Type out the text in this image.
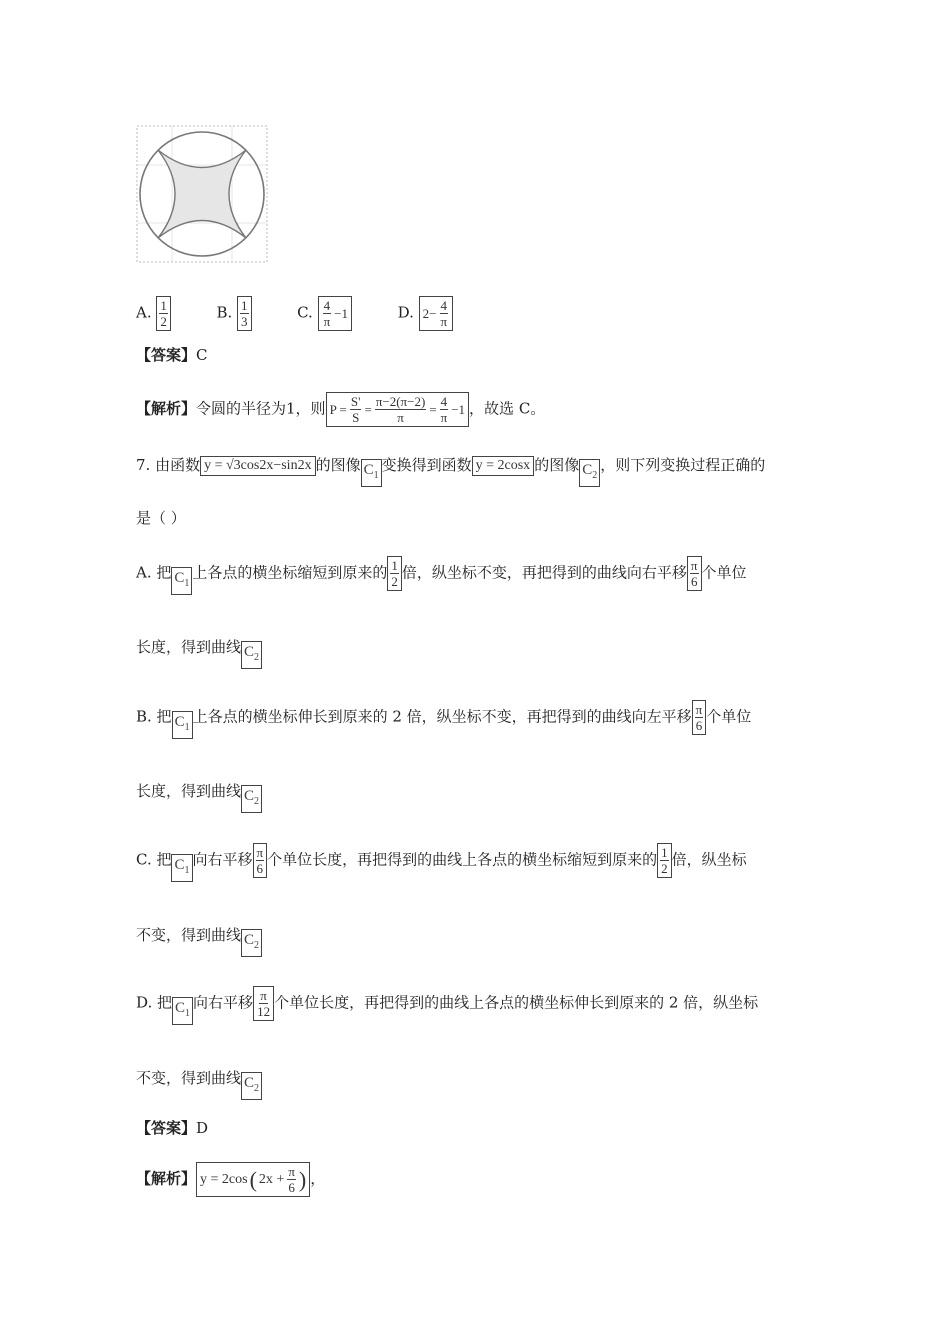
A. $\frac{1}{2}$	B. $\frac{1}{3}$	C. $\frac{4}{\pi} -1$	D. $2- \frac{4}{\pi}$
【答案】C
【解析】令圆的半径为1，则 $P = \frac{S'}{S} = \frac{\pi-2(\pi-2)}{\pi} = \frac{4}{\pi} -1$ ，故选 C。
7. 由函数 y = √3cos2x−sin2x 的图像 $C_1$变换得到函数 y = 2cosx 的图像 $C_2$，则下列变换过程正确的
是（ ）
A. 把 $C_1$上各点的横坐标缩短到原来的 $\frac{1}{2}$ 倍，纵坐标不变，再把得到的曲线向右平移 $\frac{\pi}{6}$ 个单位
长度，得到曲线 $C_2$
B. 把 $C_1$上各点的横坐标伸长到原来的 2 倍，纵坐标不变，再把得到的曲线向左平移 $\frac{\pi}{6}$ 个单位
长度，得到曲线 $C_2$
C. 把 $C_1$向右平移 $\frac{\pi}{6}$ 个单位长度，再把得到的曲线上各点的横坐标缩短到原来的 $\frac{1}{2}$ 倍，纵坐标
不变，得到曲线 $C_2$
D. 把 $C_1$向右平移 $\frac{\pi}{12}$ 个单位长度，再把得到的曲线上各点的横坐标伸长到原来的 2 倍，纵坐标
不变，得到曲线 $C_2$
【答案】D
【解析】 y = 2cos ( $2x + \frac{\pi}{6}$ ) ，
